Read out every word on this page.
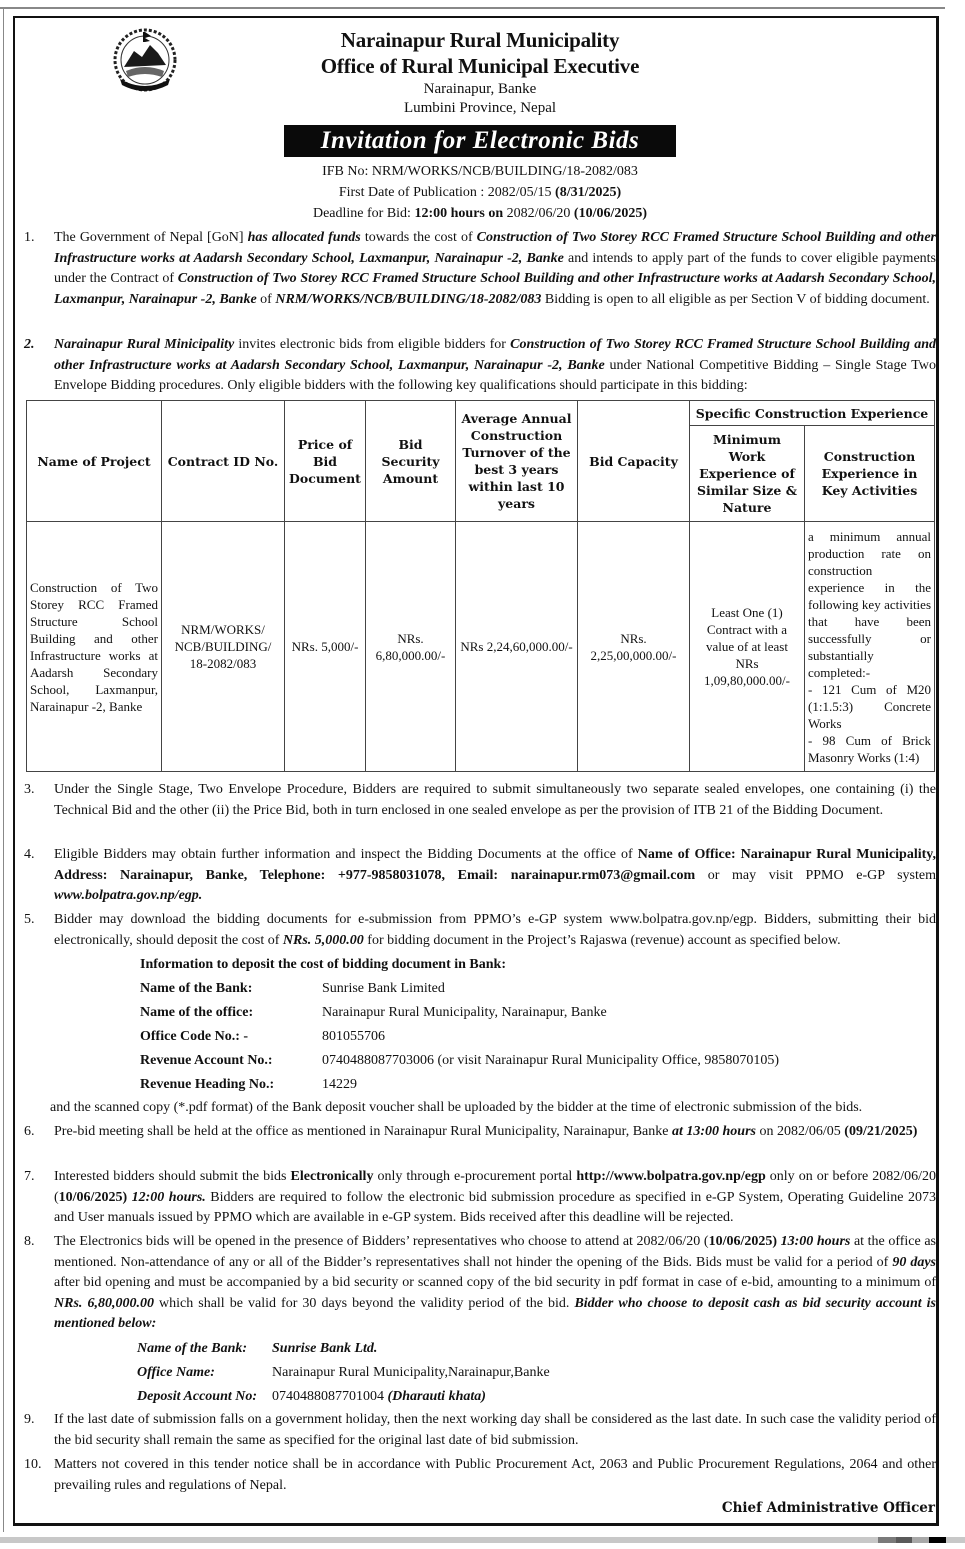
Narainapur Rural Municipality
Office of Rural Municipal Executive
Narainapur, Banke
Lumbini Province, Nepal
Invitation for Electronic Bids
IFB No: NRM/WORKS/NCB/BUILDING/18-2082/083
First Date of Publication : 2082/05/15 (8/31/2025)
Deadline for Bid: 12:00 hours on 2082/06/20 (10/06/2025)
1.	The Government of Nepal [GoN] has allocated funds towards the cost of Construction of Two Storey RCC Framed Structure School Building and other Infrastructure works at Aadarsh Secondary School, Laxmanpur, Narainapur -2, Banke and intends to apply part of the funds to cover eligible payments under the Contract of Construction of Two Storey RCC Framed Structure School Building and other Infrastructure works at Aadarsh Secondary School, Laxmanpur, Narainapur -2, Banke of NRM/WORKS/NCB/BUILDING/18-2082/083 Bidding is open to all eligible as per Section V of bidding document.
2.	Narainapur Rural Minicipality invites electronic bids from eligible bidders for Construction of Two Storey RCC Framed Structure School Building and other Infrastructure works at Aadarsh Secondary School, Laxmanpur, Narainapur -2, Banke under National Competitive Bidding – Single Stage Two Envelope Bidding procedures. Only eligible bidders with the following key qualifications should participate in this bidding:
Name of Project	Contract ID No.	Price of Bid Document	Bid Security Amount	Average Annual Construction Turnover of the best 3 years within last 10 years	Bid Capacity	Specific Construction Experience	
						Minimum Work Experience of Similar Size & Nature	Construction Experience in Key Activities
Construction of Two Storey RCC Framed Structure School Building and other Infrastructure works at Aadarsh Secondary School, Laxmanpur, Narainapur -2, Banke	NRM/WORKS/ NCB/BUILDING/ 18-2082/083	NRs. 5,000/-	NRs. 6,80,000.00/-	NRs 2,24,60,000.00/-	NRs. 2,25,00,000.00/-	Least One (1) Contract with a value of at least NRs 1,09,80,000.00/-	a minimum annual production rate on construction experience in the following key activities that have been successfully or substantially completed:-
- 121 Cum of M20 (1:1.5:3) Concrete Works
- 98 Cum of Brick Masonry Works (1:4)
3.	Under the Single Stage, Two Envelope Procedure, Bidders are required to submit simultaneously two separate sealed envelopes, one containing (i) the Technical Bid and the other (ii) the Price Bid, both in turn enclosed in one sealed envelope as per the provision of ITB 21 of the Bidding Document.
4.	Eligible Bidders may obtain further information and inspect the Bidding Documents at the office of Name of Office: Narainapur Rural Municipality, Address: Narainapur, Banke, Telephone: +977-9858031078, Email: narainapur.rm073@gmail.com or may visit PPMO e-GP system www.bolpatra.gov.np/egp.
5.	Bidder may download the bidding documents for e-submission from PPMO’s e-GP system www.bolpatra.gov.np/egp. Bidders, submitting their bid electronically, should deposit the cost of NRs. 5,000.00 for bidding document in the Project’s Rajaswa (revenue) account as specified below.
Information to deposit the cost of bidding document in Bank:
Name of the Bank:	Sunrise Bank Limited
Name of the office:	Narainapur Rural Municipality, Narainapur, Banke
Office Code No.: -	801055706
Revenue Account No.:	0740488087703006 (or visit Narainapur Rural Municipality Office, 9858070105)
Revenue Heading No.:	14229
and the scanned copy (*.pdf format) of the Bank deposit voucher shall be uploaded by the bidder at the time of electronic submission of the bids.
6.	Pre-bid meeting shall be held at the office as mentioned in Narainapur Rural Municipality, Narainapur, Banke at 13:00 hours on 2082/06/05 (09/21/2025)
7.	Interested bidders should submit the bids Electronically only through e-procurement portal http://www.bolpatra.gov.np/egp only on or before 2082/06/20 (10/06/2025) 12:00 hours. Bidders are required to follow the electronic bid submission procedure as specified in e-GP System, Operating Guideline 2073 and User manuals issued by PPMO which are available in e-GP system. Bids received after this deadline will be rejected.
8.	The Electronics bids will be opened in the presence of Bidders’ representatives who choose to attend at 2082/06/20 (10/06/2025) 13:00 hours at the office as mentioned. Non-attendance of any or all of the Bidder’s representatives shall not hinder the opening of the Bids. Bids must be valid for a period of 90 days after bid opening and must be accompanied by a bid security or scanned copy of the bid security in pdf format in case of e-bid, amounting to a minimum of NRs. 6,80,000.00 which shall be valid for 30 days beyond the validity period of the bid. Bidder who choose to deposit cash as bid security account is mentioned below:
Name of the Bank: Sunrise Bank Ltd.
Office Name:	Narainapur Rural Municipality,Narainapur,Banke
Deposit Account No: 0740488087701004 (Dharauti khata)
9.	If the last date of submission falls on a government holiday, then the next working day shall be considered as the last date. In such case the validity period of the bid security shall remain the same as specified for the original last date of bid submission.
10. Matters not covered in this tender notice shall be in accordance with Public Procurement Act, 2063 and Public Procurement Regulations, 2064 and other prevailing rules and regulations of Nepal.
Chief Administrative Officer
